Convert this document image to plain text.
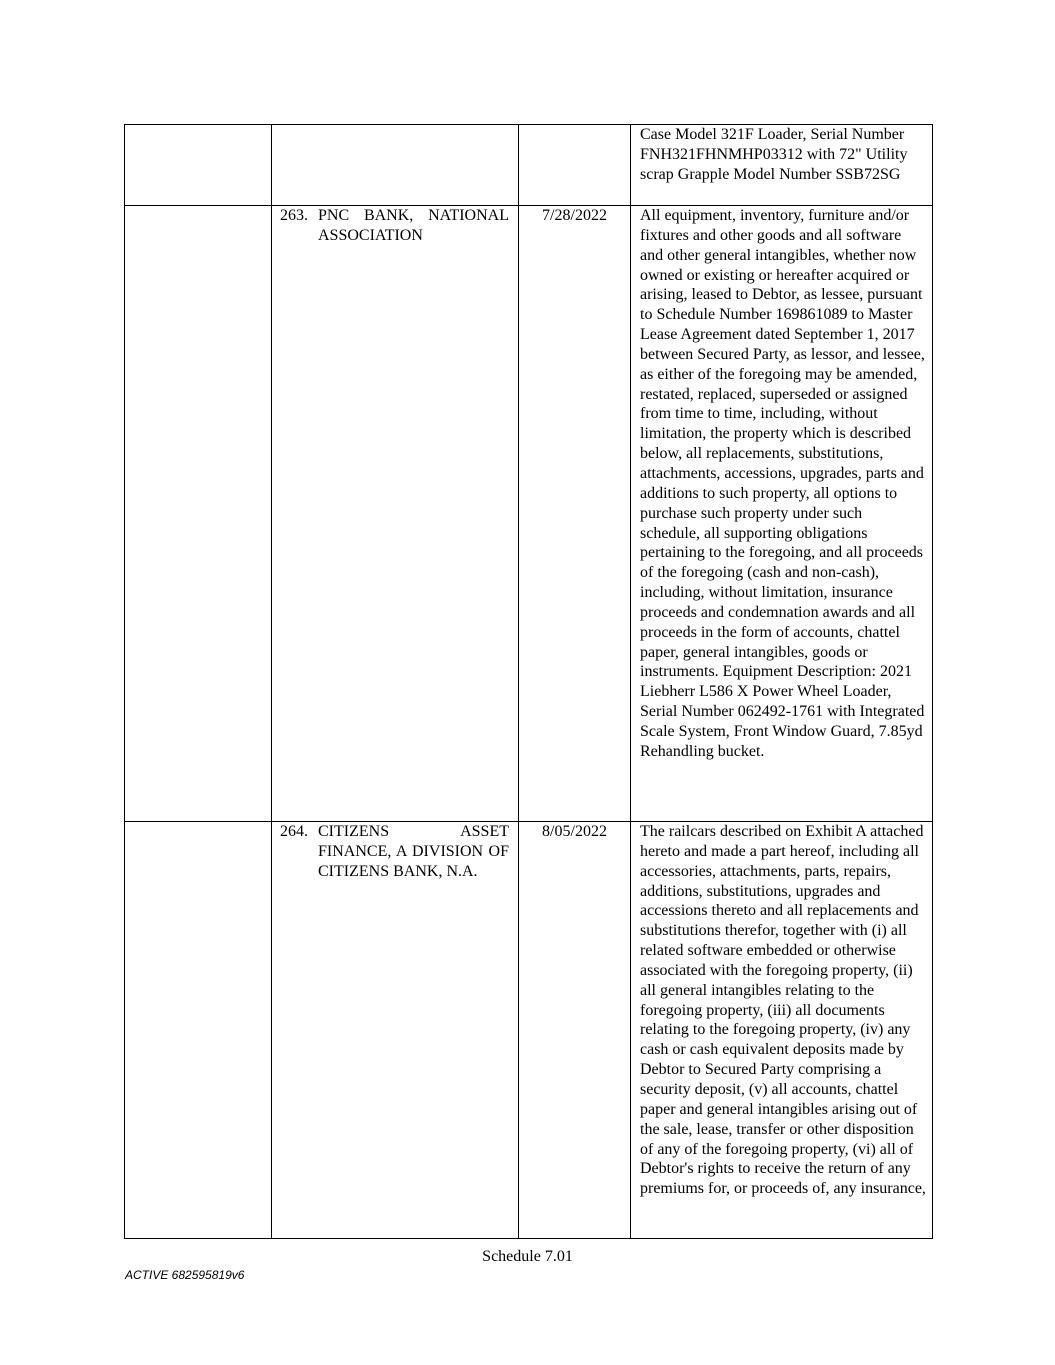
			Case Model 321F Loader, Serial Number FNH321FHNMHP03312 with 72" Utility scrap Grapple Model Number SSB72SG

	263. PNC BANK, NATIONAL ASSOCIATION	7/28/2022	All equipment, inventory, furniture and/or fixtures and other goods and all software and other general intangibles, whether now owned or existing or hereafter acquired or arising, leased to Debtor, as lessee, pursuant to Schedule Number 169861089 to Master Lease Agreement dated September 1, 2017 between Secured Party, as lessor, and lessee, as either of the foregoing may be amended, restated, replaced, superseded or assigned from time to time, including, without limitation, the property which is described below, all replacements, substitutions, attachments, accessions, upgrades, parts and additions to such property, all options to purchase such property under such schedule, all supporting obligations pertaining to the foregoing, and all proceeds of the foregoing (cash and non-cash), including, without limitation, insurance proceeds and condemnation awards and all proceeds in the form of accounts, chattel paper, general intangibles, goods or instruments. Equipment Description: 2021 Liebherr L586 X Power Wheel Loader, Serial Number 062492-1761 with Integrated Scale System, Front Window Guard, 7.85yd Rehandling bucket.

	264. CITIZENS ASSET FINANCE, A DIVISION OF CITIZENS BANK, N.A.	8/05/2022	The railcars described on Exhibit A attached hereto and made a part hereof, including all accessories, attachments, parts, repairs, additions, substitutions, upgrades and accessions thereto and all replacements and substitutions therefor, together with (i) all related software embedded or otherwise associated with the foregoing property, (ii) all general intangibles relating to the foregoing property, (iii) all documents relating to the foregoing property, (iv) any cash or cash equivalent deposits made by Debtor to Secured Party comprising a security deposit, (v) all accounts, chattel paper and general intangibles arising out of the sale, lease, transfer or other disposition of any of the foregoing property, (vi) all of Debtor's rights to receive the return of any premiums for, or proceeds of, any insurance,
Schedule 7.01
ACTIVE 682595819v6
